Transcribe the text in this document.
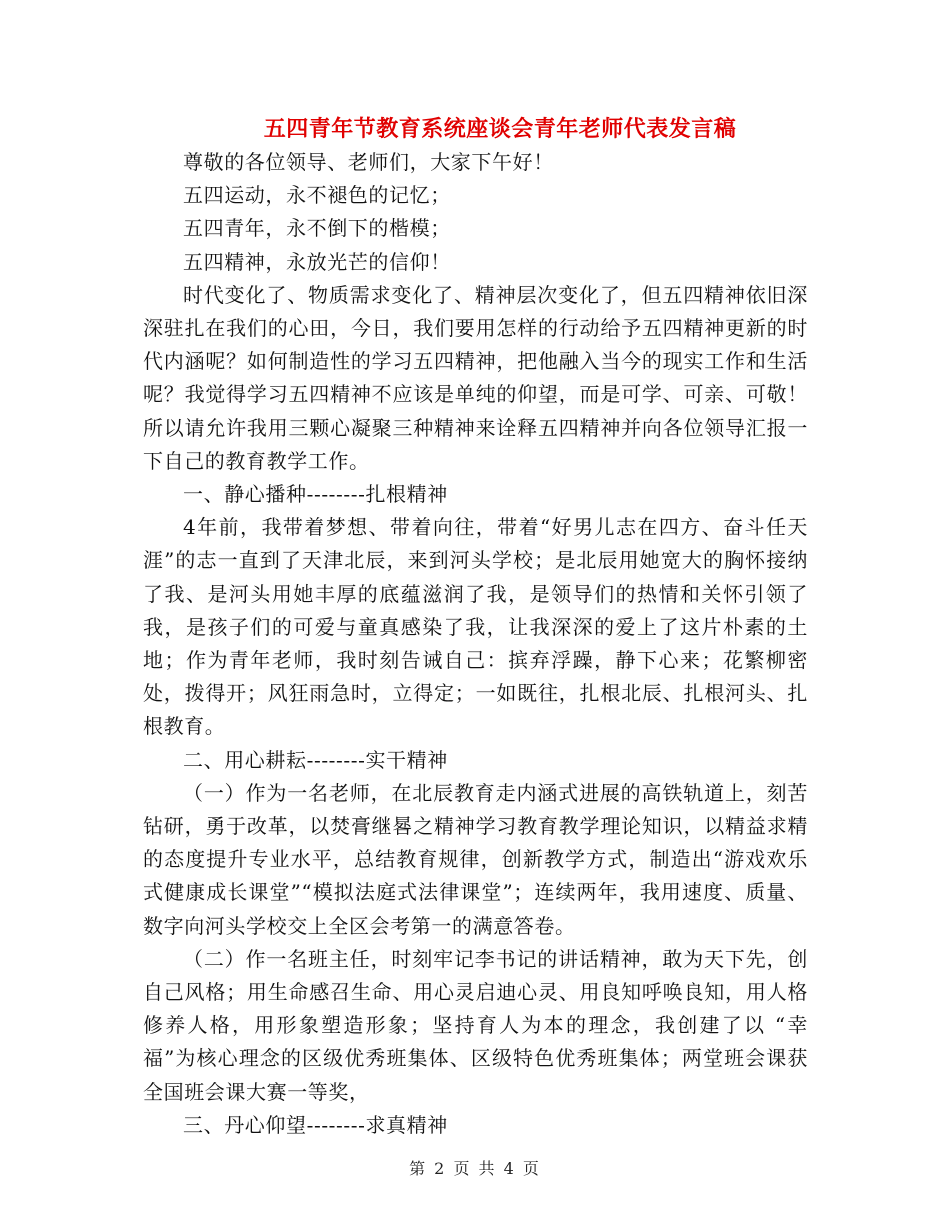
五四青年节教育系统座谈会青年老师代表发言稿

尊敬的各位领导、老师们，大家下午好！

五四运动，永不褪色的记忆；

五四青年，永不倒下的楷模；

五四精神，永放光芒的信仰！

时代变化了、物质需求变化了、精神层次变化了，但五四精神依旧深深驻扎在我们的心田，今日，我们要用怎样的行动给予五四精神更新的时代内涵呢？如何制造性的学习五四精神，把他融入当今的现实工作和生活呢？我觉得学习五四精神不应该是单纯的仰望，而是可学、可亲、可敬！所以请允许我用三颗心凝聚三种精神来诠释五四精神并向各位领导汇报一下自己的教育教学工作。

一、静心播种--------扎根精神

4年前，我带着梦想、带着向往，带着“好男儿志在四方、奋斗任天涯”的志一直到了天津北辰，来到河头学校；是北辰用她宽大的胸怀接纳了我、是河头用她丰厚的底蕴滋润了我，是领导们的热情和关怀引领了我，是孩子们的可爱与童真感染了我，让我深深的爱上了这片朴素的土地；作为青年老师，我时刻告诫自己：摈弃浮躁，静下心来；花繁柳密处，拨得开；风狂雨急时，立得定；一如既往，扎根北辰、扎根河头、扎根教育。

二、用心耕耘--------实干精神

（一）作为一名老师，在北辰教育走内涵式进展的高铁轨道上，刻苦钻研，勇于改革，以焚膏继晷之精神学习教育教学理论知识，以精益求精的态度提升专业水平，总结教育规律，创新教学方式，制造出“游戏欢乐式健康成长课堂”“模拟法庭式法律课堂”；连续两年，我用速度、质量、数字向河头学校交上全区会考第一的满意答卷。

（二）作一名班主任，时刻牢记李书记的讲话精神，敢为天下先，创自己风格；用生命感召生命、用心灵启迪心灵、用良知呼唤良知，用人格修养人格，用形象塑造形象；坚持育人为本的理念，我创建了以 “幸福”为核心理念的区级优秀班集体、区级特色优秀班集体；两堂班会课获全国班会课大赛一等奖，

三、丹心仰望--------求真精神

第 2 页 共 4 页
